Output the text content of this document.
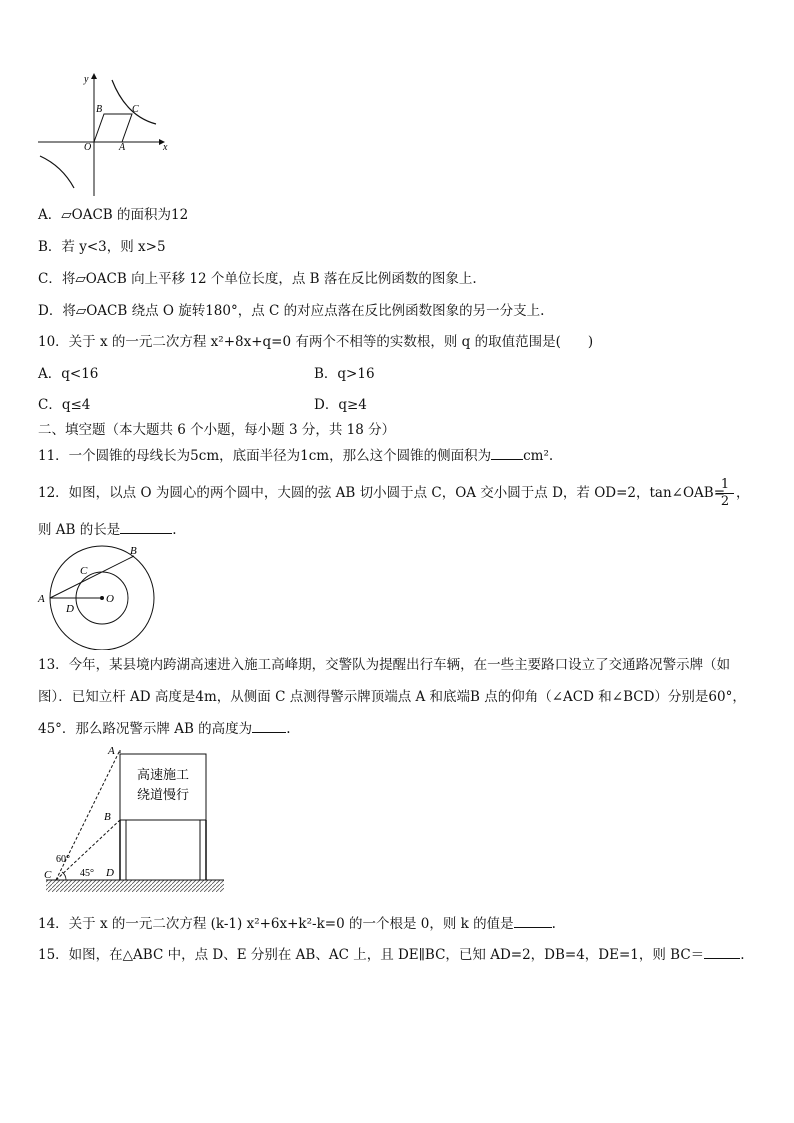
y
x
O	A
B	C
A．▱OACB 的面积为12
B．若 y<3，则 x>5
C．将▱OACB 向上平移 12 个单位长度，点 B 落在反比例函数的图象上.
D．将▱OACB 绕点 O 旋转180°，点 C 的对应点落在反比例函数图象的另一分支上.
10．关于 x 的一元二次方程 x²+8x+q=0 有两个不相等的实数根，则 q 的取值范围是(　　)
A．q<16	B．q>16
C．q≤4	D．q≥4
二、填空题（本大题共 6 个小题，每小题 3 分，共 18 分）
11．一个圆锥的母线长为5cm，底面半径为1cm，那么这个圆锥的侧面积为 cm².
12．如图，以点 O 为圆心的两个圆中，大圆的弦 AB 切小圆于点 C，OA 交小圆于点 D，若 OD=2，tan∠OAB=
$\frac{1}{2}$ ，
则 AB 的长是	.
A
B
C
D
O
13．今年，某县境内跨湖高速进入施工高峰期，交警队为提醒出行车辆，在一些主要路口设立了交通路况警示牌（如
图）．已知立杆 AD 高度是4m，从侧面 C 点测得警示牌顶端点 A 和底端B 点的仰角（∠ACD 和∠BCD）分别是60°，
45°．那么路况警示牌 AB 的高度为	.
高速施工
绕道慢行
A
B
C	D
60°
45°
14．关于 x 的一元二次方程 (k-1) x²+6x+k²-k=0 的一个根是 0，则 k 的值是	.
15．如图，在△ABC 中，点 D、E 分别在 AB、AC 上，且 DE∥BC，已知 AD=2，DB=4，DE=1，则 BC＝	.
